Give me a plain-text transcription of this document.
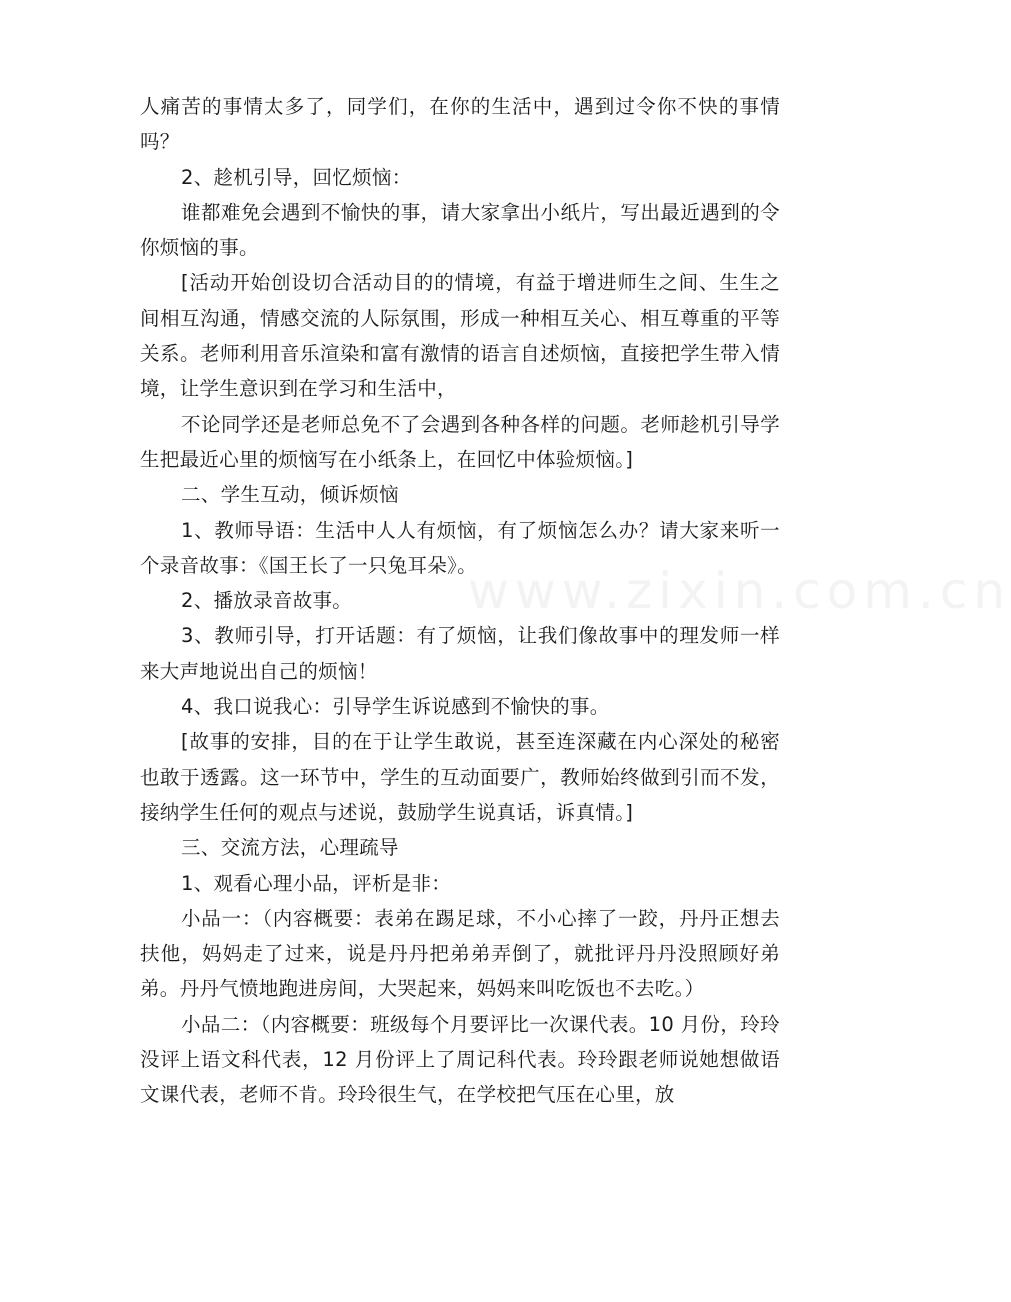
www.zixin.com.cn

人痛苦的事情太多了，同学们，在你的生活中，遇到过令你不快的事情吗？

2、趁机引导，回忆烦恼：

谁都难免会遇到不愉快的事，请大家拿出小纸片，写出最近遇到的令你烦恼的事。

[活动开始创设切合活动目的的情境，有益于增进师生之间、生生之间相互沟通，情感交流的人际氛围，形成一种相互关心、相互尊重的平等关系。老师利用音乐渲染和富有激情的语言自述烦恼，直接把学生带入情境，让学生意识到在学习和生活中，

不论同学还是老师总免不了会遇到各种各样的问题。老师趁机引导学生把最近心里的烦恼写在小纸条上，在回忆中体验烦恼。]

二、学生互动，倾诉烦恼

1、教师导语：生活中人人有烦恼，有了烦恼怎么办？请大家来听一个录音故事：《国王长了一只兔耳朵》。

2、播放录音故事。

3、教师引导，打开话题：有了烦恼，让我们像故事中的理发师一样来大声地说出自己的烦恼！

4、我口说我心：引导学生诉说感到不愉快的事。

[故事的安排，目的在于让学生敢说，甚至连深藏在内心深处的秘密也敢于透露。这一环节中，学生的互动面要广，教师始终做到引而不发，接纳学生任何的观点与述说，鼓励学生说真话，诉真情。]

三、交流方法，心理疏导

1、观看心理小品，评析是非：

小品一：（内容概要：表弟在踢足球，不小心摔了一跤，丹丹正想去扶他，妈妈走了过来，说是丹丹把弟弟弄倒了，就批评丹丹没照顾好弟弟。丹丹气愤地跑进房间，大哭起来，妈妈来叫吃饭也不去吃。）

小品二：（内容概要：班级每个月要评比一次课代表。10 月份，玲玲没评上语文科代表，12 月份评上了周记科代表。玲玲跟老师说她想做语文课代表，老师不肯。玲玲很生气，在学校把气压在心里，放
